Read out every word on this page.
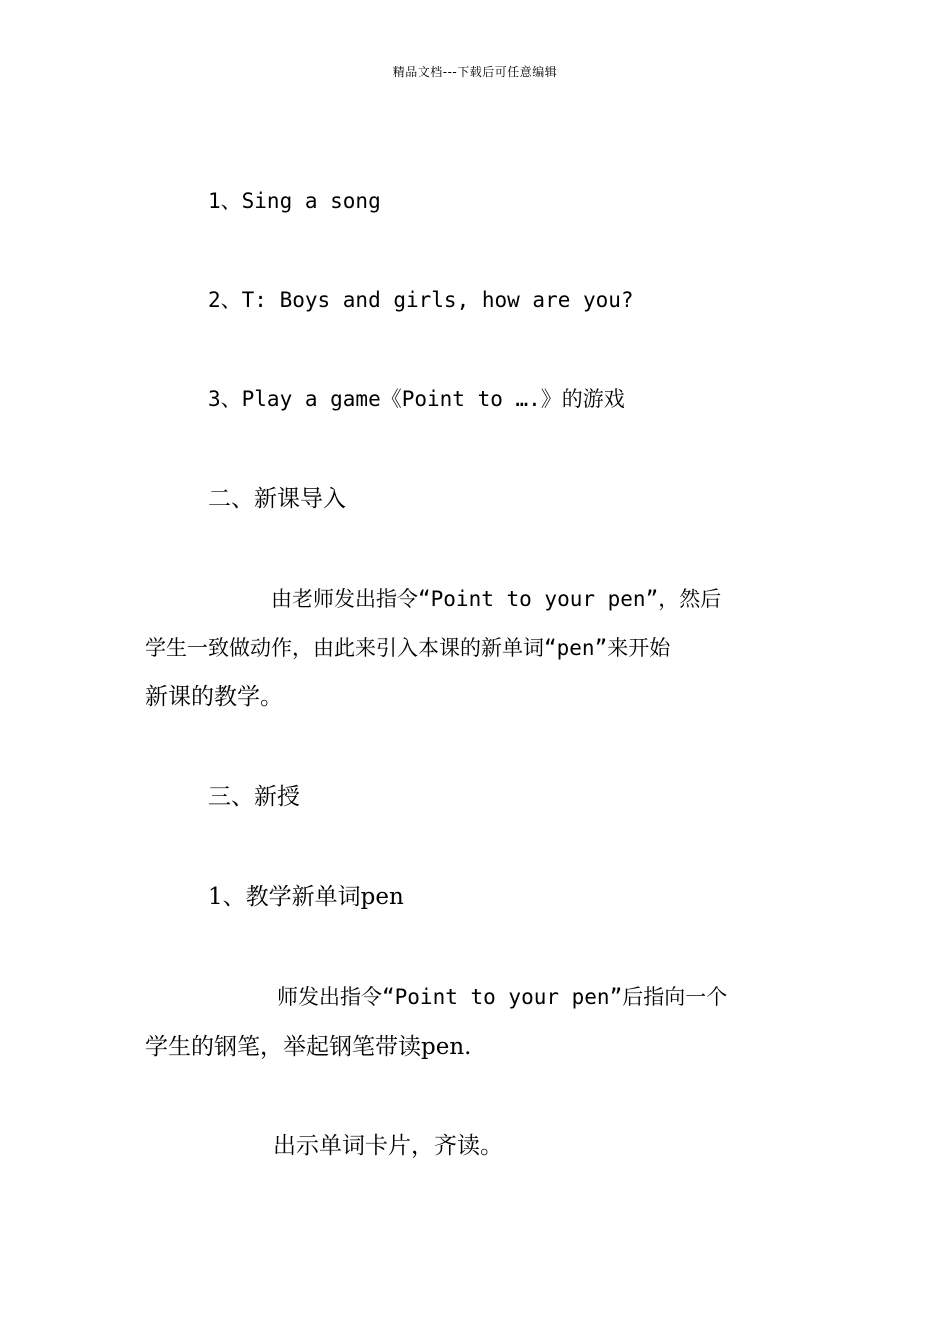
精品文档---下载后可任意编辑
1、Sing a song
2、T: Boys and girls, how are you?
3、Play a game《Point to ….》的游戏
二、新课导入
由老师发出指令“Point to your pen”，然后
学生一致做动作，由此来引入本课的新单词“pen”来开始
新课的教学。
三、新授
1、教学新单词pen
师发出指令“Point to your pen”后指向一个
学生的钢笔，举起钢笔带读pen.
出示单词卡片，齐读。
